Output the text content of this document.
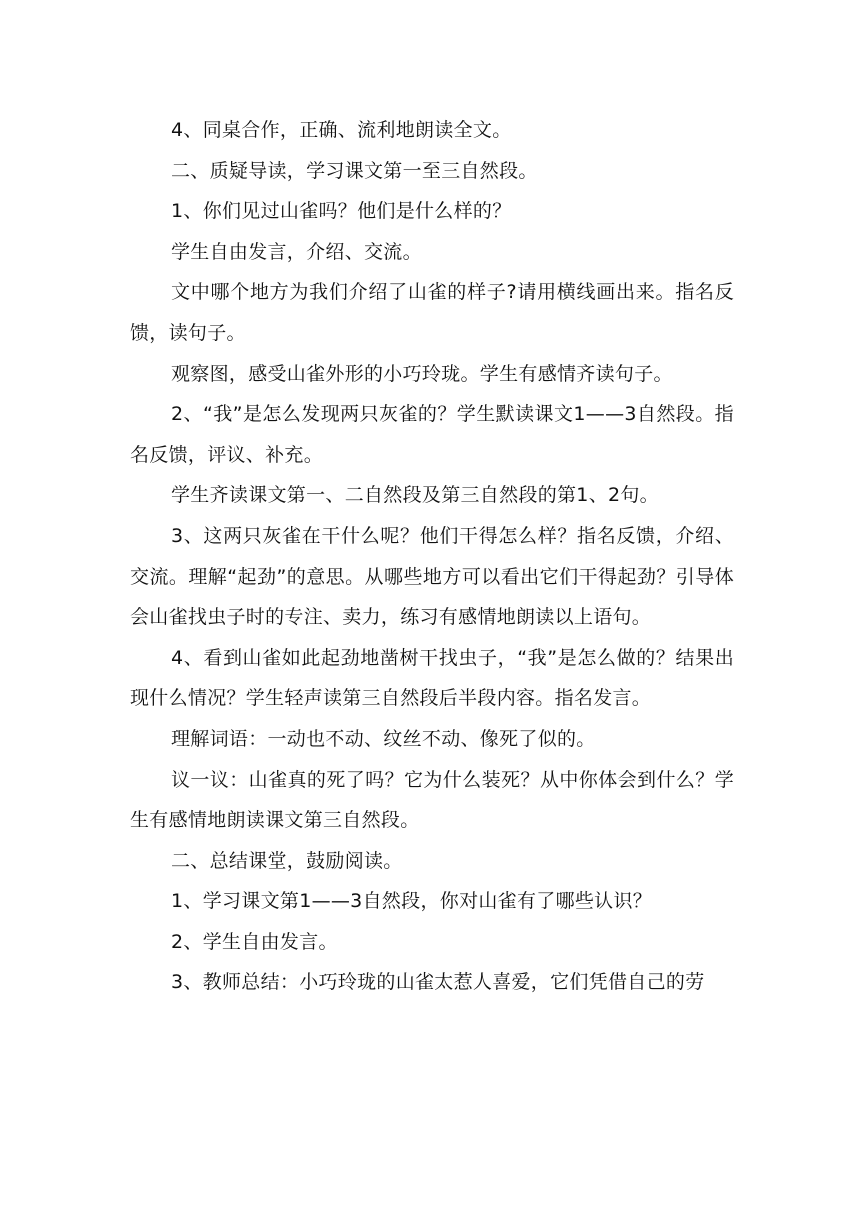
4、同桌合作，正确、流利地朗读全文。

二、质疑导读，学习课文第一至三自然段。

1、你们见过山雀吗？他们是什么样的？

学生自由发言，介绍、交流。

文中哪个地方为我们介绍了山雀的样子?请用横线画出来。指名反馈，读句子。

观察图，感受山雀外形的小巧玲珑。学生有感情齐读句子。

2、“我”是怎么发现两只灰雀的？学生默读课文1——3自然段。指名反馈，评议、补充。

学生齐读课文第一、二自然段及第三自然段的第1、2句。

3、这两只灰雀在干什么呢？他们干得怎么样？指名反馈，介绍、交流。理解“起劲”的意思。从哪些地方可以看出它们干得起劲？引导体会山雀找虫子时的专注、卖力，练习有感情地朗读以上语句。

4、看到山雀如此起劲地凿树干找虫子，“我”是怎么做的？结果出现什么情况？学生轻声读第三自然段后半段内容。指名发言。

理解词语：一动也不动、纹丝不动、像死了似的。

议一议：山雀真的死了吗？它为什么装死？从中你体会到什么？学生有感情地朗读课文第三自然段。

二、总结课堂，鼓励阅读。

1、学习课文第1——3自然段，你对山雀有了哪些认识？

2、学生自由发言。

3、教师总结：小巧玲珑的山雀太惹人喜爱，它们凭借自己的劳
